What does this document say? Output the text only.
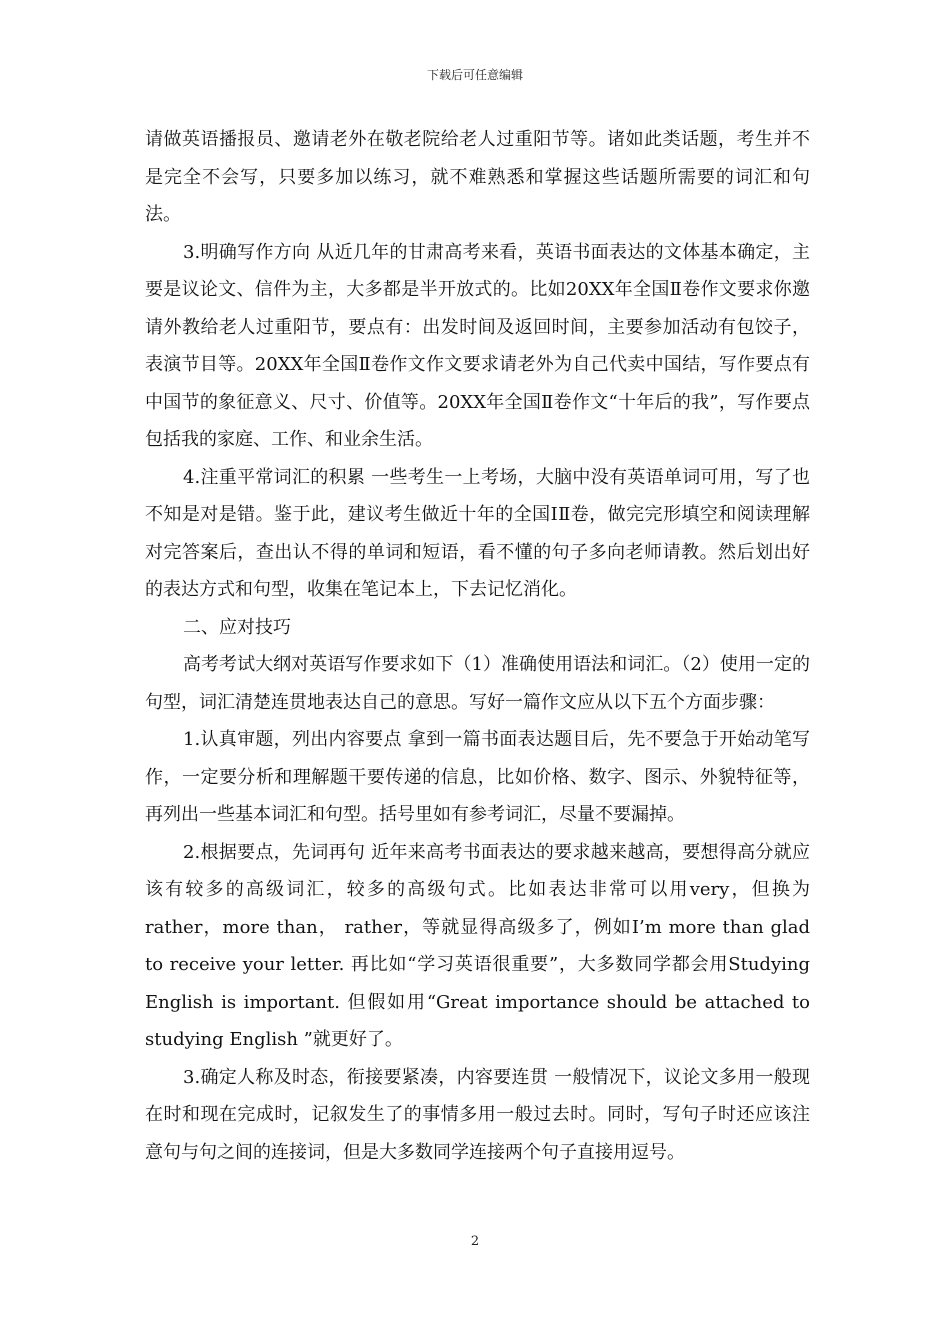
下载后可任意编辑

请做英语播报员、邀请老外在敬老院给老人过重阳节等。诸如此类话题，考生并不是完全不会写，只要多加以练习，就不难熟悉和掌握这些话题所需要的词汇和句法。

3.明确写作方向 从近几年的甘肃高考来看，英语书面表达的文体基本确定，主要是议论文、信件为主，大多都是半开放式的。比如20XX年全国Ⅱ卷作文要求你邀请外教给老人过重阳节，要点有：出发时间及返回时间，主要参加活动有包饺子，表演节目等。20XX年全国Ⅱ卷作文作文要求请老外为自己代卖中国结，写作要点有中国节的象征意义、尺寸、价值等。20XX年全国Ⅱ卷作文“十年后的我”，写作要点包括我的家庭、工作、和业余生活。

4.注重平常词汇的积累 一些考生一上考场，大脑中没有英语单词可用，写了也不知是对是错。鉴于此，建议考生做近十年的全国ⅠⅡ卷，做完完形填空和阅读理解对完答案后，查出认不得的单词和短语，看不懂的句子多向老师请教。然后划出好的表达方式和句型，收集在笔记本上，下去记忆消化。

二、应对技巧

高考考试大纲对英语写作要求如下（1）准确使用语法和词汇。（2）使用一定的句型，词汇清楚连贯地表达自己的意思。写好一篇作文应从以下五个方面步骤：

1.认真审题，列出内容要点 拿到一篇书面表达题目后，先不要急于开始动笔写作，一定要分析和理解题干要传递的信息，比如价格、数字、图示、外貌特征等，再列出一些基本词汇和句型。括号里如有参考词汇，尽量不要漏掉。

2.根据要点，先词再句 近年来高考书面表达的要求越来越高，要想得高分就应该有较多的高级词汇，较多的高级句式。比如表达非常可以用very，但换为rather，more than， rather，等就显得高级多了，例如I’m more than glad to receive your letter. 再比如“学习英语很重要”，大多数同学都会用Studying English is important. 但假如用“Great importance should be attached to studying English ”就更好了。

3.确定人称及时态，衔接要紧凑，内容要连贯 一般情况下，议论文多用一般现在时和现在完成时，记叙发生了的事情多用一般过去时。同时，写句子时还应该注意句与句之间的连接词，但是大多数同学连接两个句子直接用逗号。

2
